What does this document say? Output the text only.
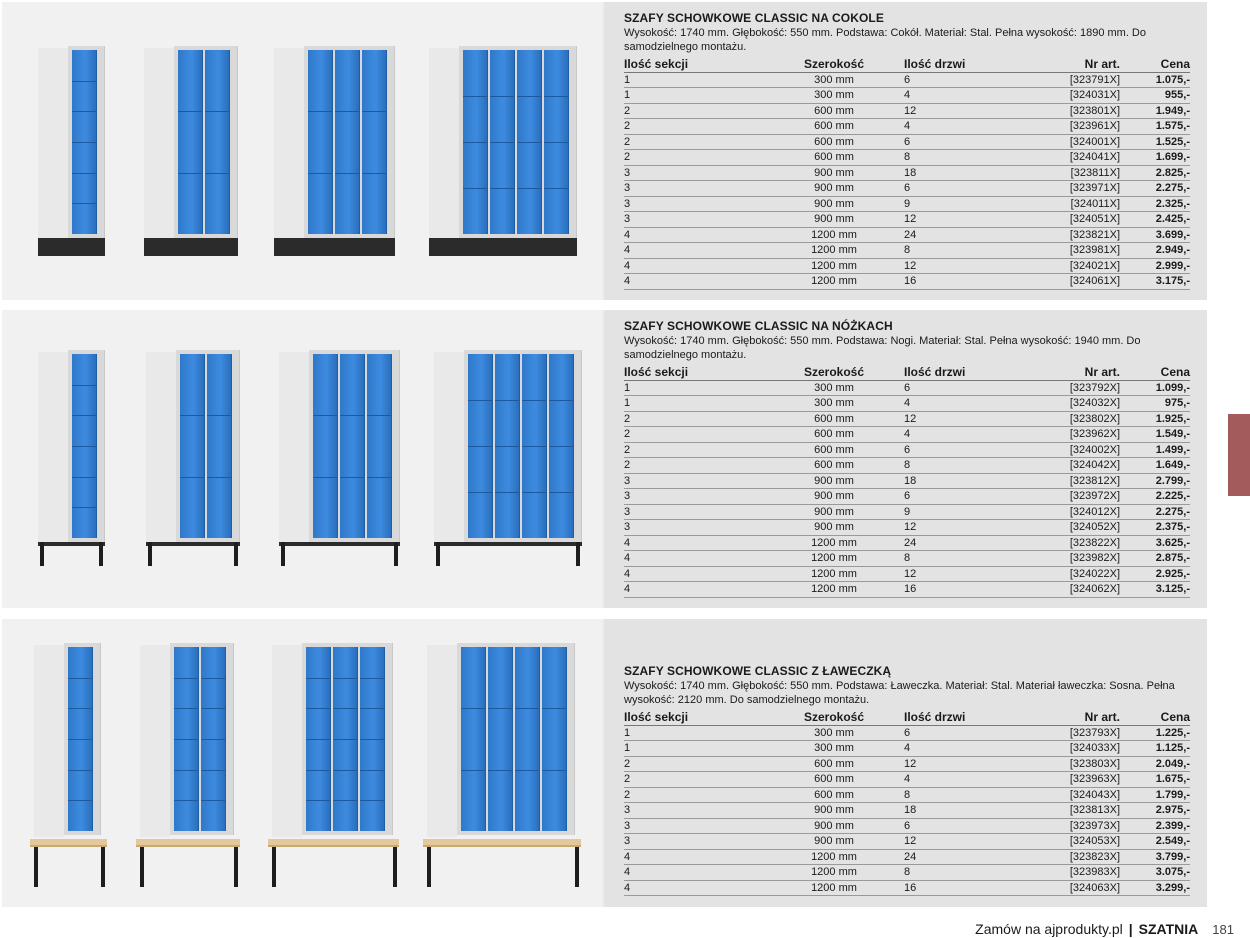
SZAFY SCHOWKOWE CLASSIC NA COKOLE
Wysokość: 1740 mm. Głębokość: 550 mm. Podstawa: Cokół. Materiał: Stal. Pełna wysokość: 1890 mm. Do samodzielnego montażu.
Ilość sekcji	Szerokość	Ilość drzwi	Nr art.	Cena
1	300 mm	6	[323791X]	1.075,-
1	300 mm	4	[324031X]	955,-
2	600 mm	12	[323801X]	1.949,-
2	600 mm	4	[323961X]	1.575,-
2	600 mm	6	[324001X]	1.525,-
2	600 mm	8	[324041X]	1.699,-
3	900 mm	18	[323811X]	2.825,-
3	900 mm	6	[323971X]	2.275,-
3	900 mm	9	[324011X]	2.325,-
3	900 mm	12	[324051X]	2.425,-
4	1200 mm	24	[323821X]	3.699,-
4	1200 mm	8	[323981X]	2.949,-
4	1200 mm	12	[324021X]	2.999,-
4	1200 mm	16	[324061X]	3.175,-
SZAFY SCHOWKOWE CLASSIC NA NÓŻKACH
Wysokość: 1740 mm. Głębokość: 550 mm. Podstawa: Nogi. Materiał: Stal. Pełna wysokość: 1940 mm. Do samodzielnego montażu.
Ilość sekcji	Szerokość	Ilość drzwi	Nr art.	Cena
1	300 mm	6	[323792X]	1.099,-
1	300 mm	4	[324032X]	975,-
2	600 mm	12	[323802X]	1.925,-
2	600 mm	4	[323962X]	1.549,-
2	600 mm	6	[324002X]	1.499,-
2	600 mm	8	[324042X]	1.649,-
3	900 mm	18	[323812X]	2.799,-
3	900 mm	6	[323972X]	2.225,-
3	900 mm	9	[324012X]	2.275,-
3	900 mm	12	[324052X]	2.375,-
4	1200 mm	24	[323822X]	3.625,-
4	1200 mm	8	[323982X]	2.875,-
4	1200 mm	12	[324022X]	2.925,-
4	1200 mm	16	[324062X]	3.125,-
SZAFY SCHOWKOWE CLASSIC Z ŁAWECZKĄ
Wysokość: 1740 mm. Głębokość: 550 mm. Podstawa: Ławeczka. Materiał: Stal. Materiał ławeczka: Sosna. Pełna wysokość: 2120 mm. Do samodzielnego montażu.
Ilość sekcji	Szerokość	Ilość drzwi	Nr art.	Cena
1	300 mm	6	[323793X]	1.225,-
1	300 mm	4	[324033X]	1.125,-
2	600 mm	12	[323803X]	2.049,-
2	600 mm	4	[323963X]	1.675,-
2	600 mm	8	[324043X]	1.799,-
3	900 mm	18	[323813X]	2.975,-
3	900 mm	6	[323973X]	2.399,-
3	900 mm	12	[324053X]	2.549,-
4	1200 mm	24	[323823X]	3.799,-
4	1200 mm	8	[323983X]	3.075,-
4	1200 mm	16	[324063X]	3.299,-
Zamów na ajprodukty.pl | SZATNIA 181
